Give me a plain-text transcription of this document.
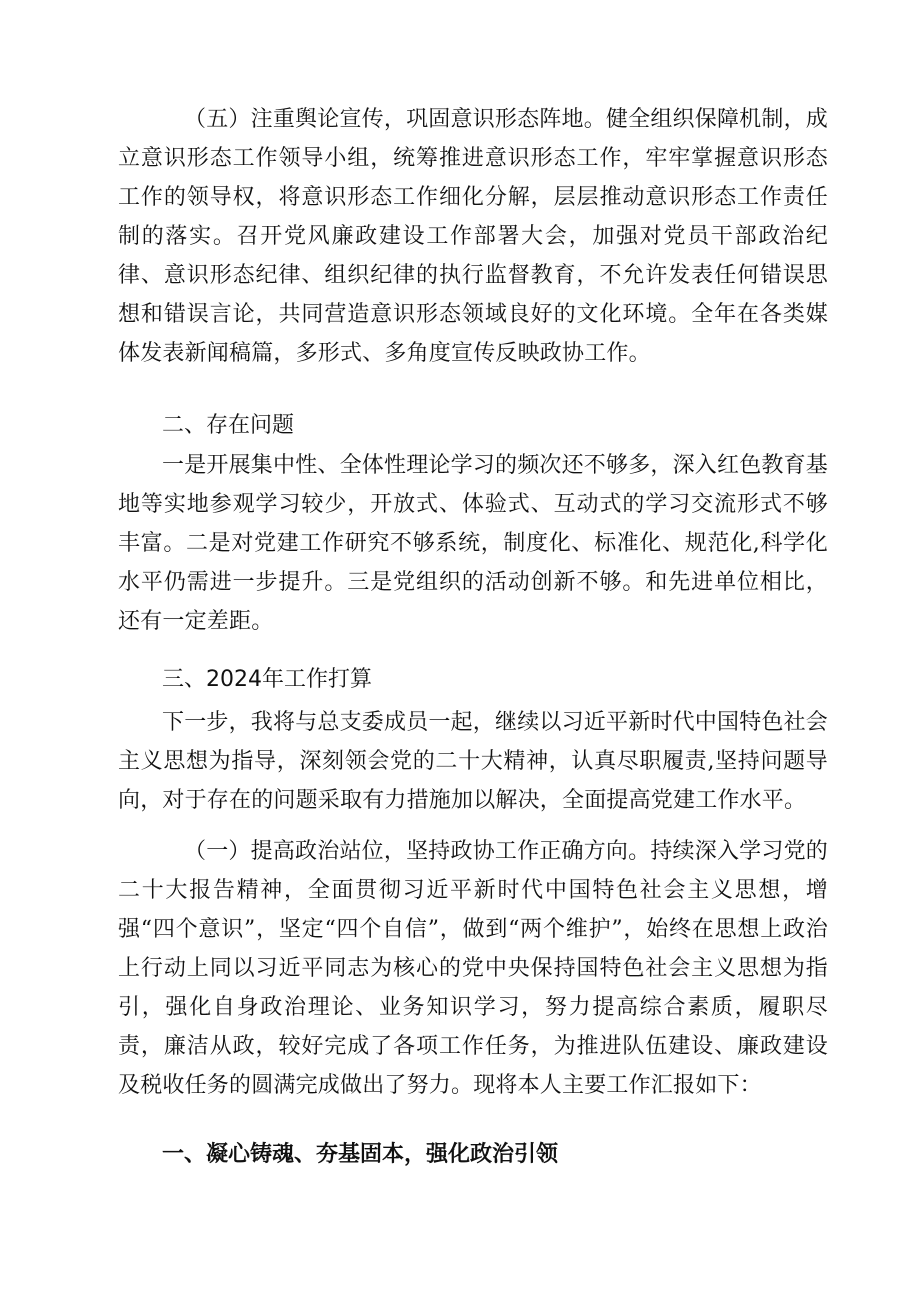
（五）注重舆论宣传，巩固意识形态阵地。健全组织保障机制，成立意识形态工作领导小组，统筹推进意识形态工作，牢牢掌握意识形态工作的领导权，将意识形态工作细化分解，层层推动意识形态工作责任制的落实。召开党风廉政建设工作部署大会，加强对党员干部政治纪律、意识形态纪律、组织纪律的执行监督教育，不允许发表任何错误思想和错误言论，共同营造意识形态领域良好的文化环境。全年在各类媒体发表新闻稿篇，多形式、多角度宣传反映政协工作。

二、存在问题

一是开展集中性、全体性理论学习的频次还不够多，深入红色教育基地等实地参观学习较少，开放式、体验式、互动式的学习交流形式不够丰富。二是对党建工作研究不够系统，制度化、标准化、规范化,科学化水平仍需进一步提升。三是党组织的活动创新不够。和先进单位相比，还有一定差距。

三、2024年工作打算

下一步，我将与总支委成员一起，继续以习近平新时代中国特色社会主义思想为指导，深刻领会党的二十大精神，认真尽职履责,坚持问题导向，对于存在的问题采取有力措施加以解决，全面提高党建工作水平。

（一）提高政治站位，坚持政协工作正确方向。持续深入学习党的二十大报告精神，全面贯彻习近平新时代中国特色社会主义思想，增强“四个意识”，坚定“四个自信”，做到“两个维护”，始终在思想上政治上行动上同以习近平同志为核心的党中央保持国特色社会主义思想为指引，强化自身政治理论、业务知识学习，努力提高综合素质，履职尽责，廉洁从政，较好完成了各项工作任务，为推进队伍建设、廉政建设及税收任务的圆满完成做出了努力。现将本人主要工作汇报如下：

一、凝心铸魂、夯基固本，强化政治引领
